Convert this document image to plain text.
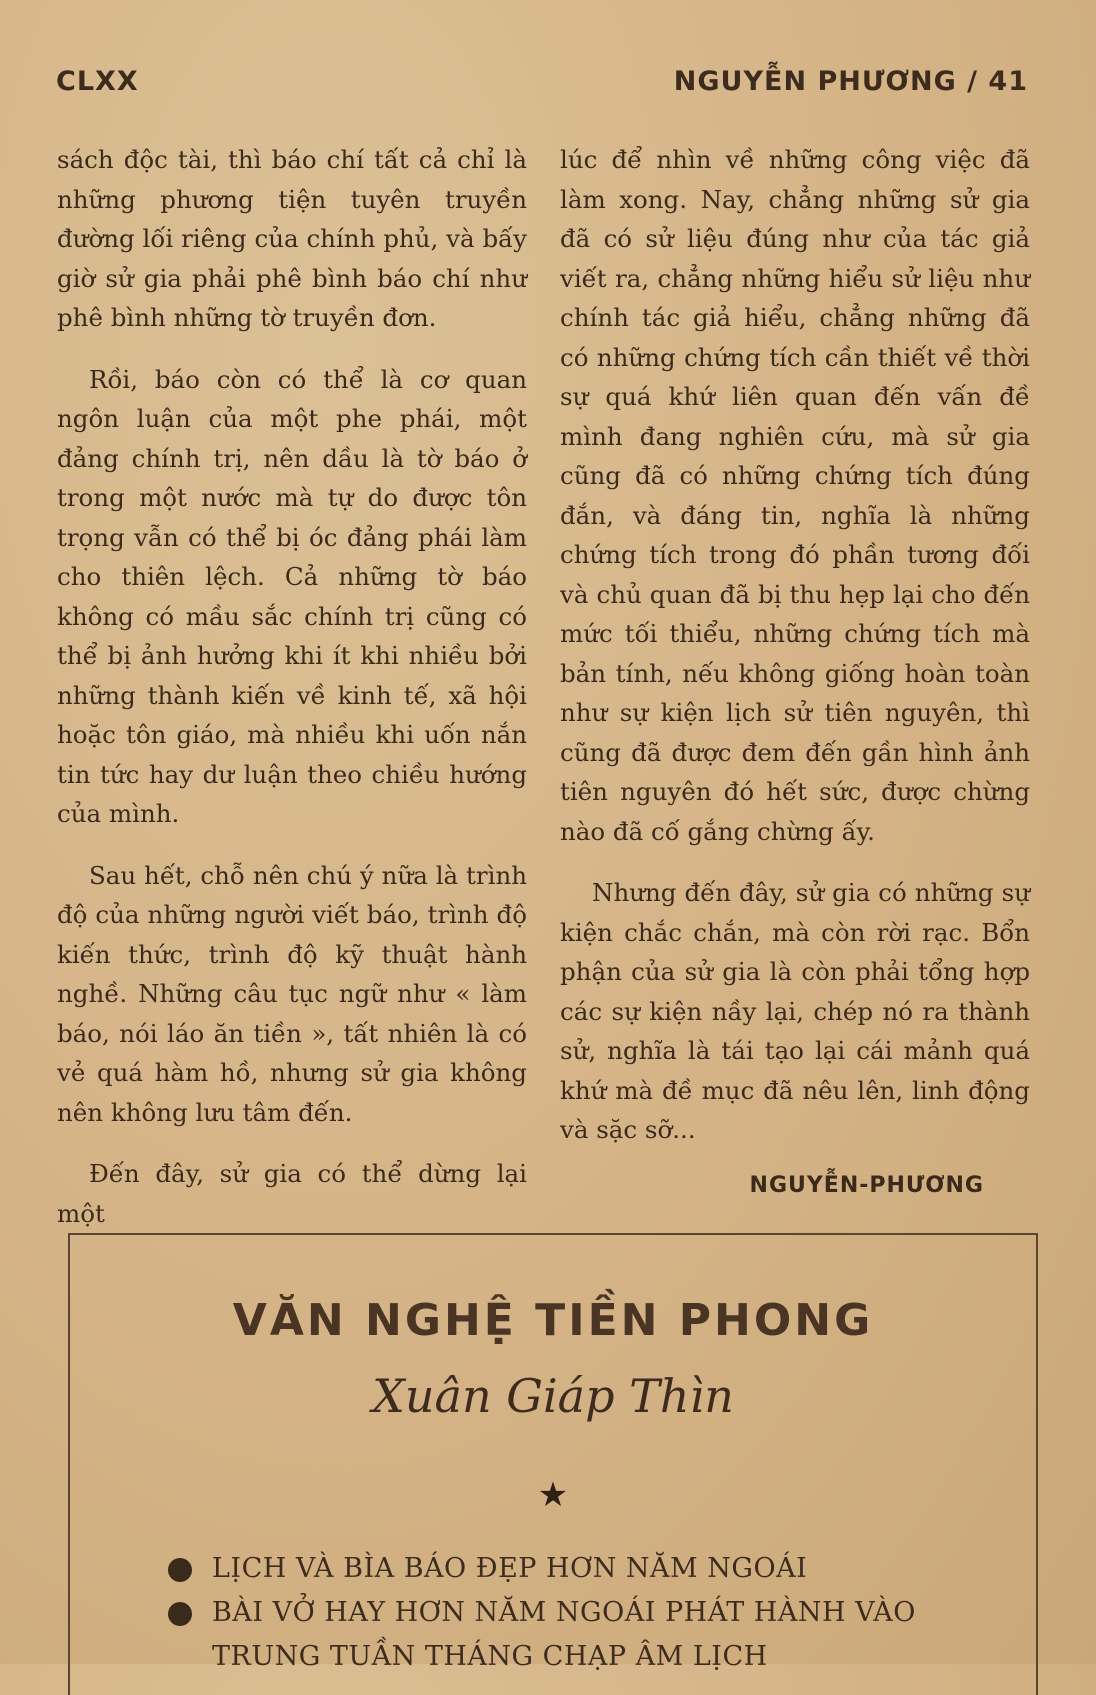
CLXX	NGUYỄN PHƯƠNG / 41

sách độc tài, thì báo chí tất cả chỉ là những phương tiện tuyên truyền đường lối riêng của chính phủ, và bấy giờ sử gia phải phê bình báo chí như phê bình những tờ truyền đơn.

Rồi, báo còn có thể là cơ quan ngôn luận của một phe phái, một đảng chính trị, nên dầu là tờ báo ở trong một nước mà tự do được tôn trọng vẫn có thể bị óc đảng phái làm cho thiên lệch. Cả những tờ báo không có mầu sắc chính trị cũng có thể bị ảnh hưởng khi ít khi nhiều bởi những thành kiến về kinh tế, xã hội hoặc tôn giáo, mà nhiều khi uốn nắn tin tức hay dư luận theo chiều hướng của mình.

Sau hết, chỗ nên chú ý nữa là trình độ của những người viết báo, trình độ kiến thức, trình độ kỹ thuật hành nghề. Những câu tục ngữ như « làm báo, nói láo ăn tiền », tất nhiên là có vẻ quá hàm hồ, nhưng sử gia không nên không lưu tâm đến.

Đến đây, sử gia có thể dừng lại một

lúc để nhìn về những công việc đã làm xong. Nay, chẳng những sử gia đã có sử liệu đúng như của tác giả viết ra, chẳng những hiểu sử liệu như chính tác giả hiểu, chẳng những đã có những chứng tích cần thiết về thời sự quá khứ liên quan đến vấn đề mình đang nghiên cứu, mà sử gia cũng đã có những chứng tích đúng đắn, và đáng tin, nghĩa là những chứng tích trong đó phần tương đối và chủ quan đã bị thu hẹp lại cho đến mức tối thiểu, những chứng tích mà bản tính, nếu không giống hoàn toàn như sự kiện lịch sử tiên nguyên, thì cũng đã được đem đến gần hình ảnh tiên nguyên đó hết sức, được chừng nào đã cố gắng chừng ấy.

Nhưng đến đây, sử gia có những sự kiện chắc chắn, mà còn rời rạc. Bổn phận của sử gia là còn phải tổng hợp các sự kiện nầy lại, chép nó ra thành sử, nghĩa là tái tạo lại cái mảnh quá khứ mà đề mục đã nêu lên, linh động và sặc sỡ...

NGUYỄN-PHƯƠNG
VĂN NGHỆ TIỀN PHONG
Xuân Giáp Thìn
★
LỊCH VÀ BÌA BÁO ĐẸP HƠN NĂM NGOÁI
BÀI VỞ HAY HƠN NĂM NGOÁI PHÁT HÀNH VÀO TRUNG TUẦN THÁNG CHẠP ÂM LỊCH
